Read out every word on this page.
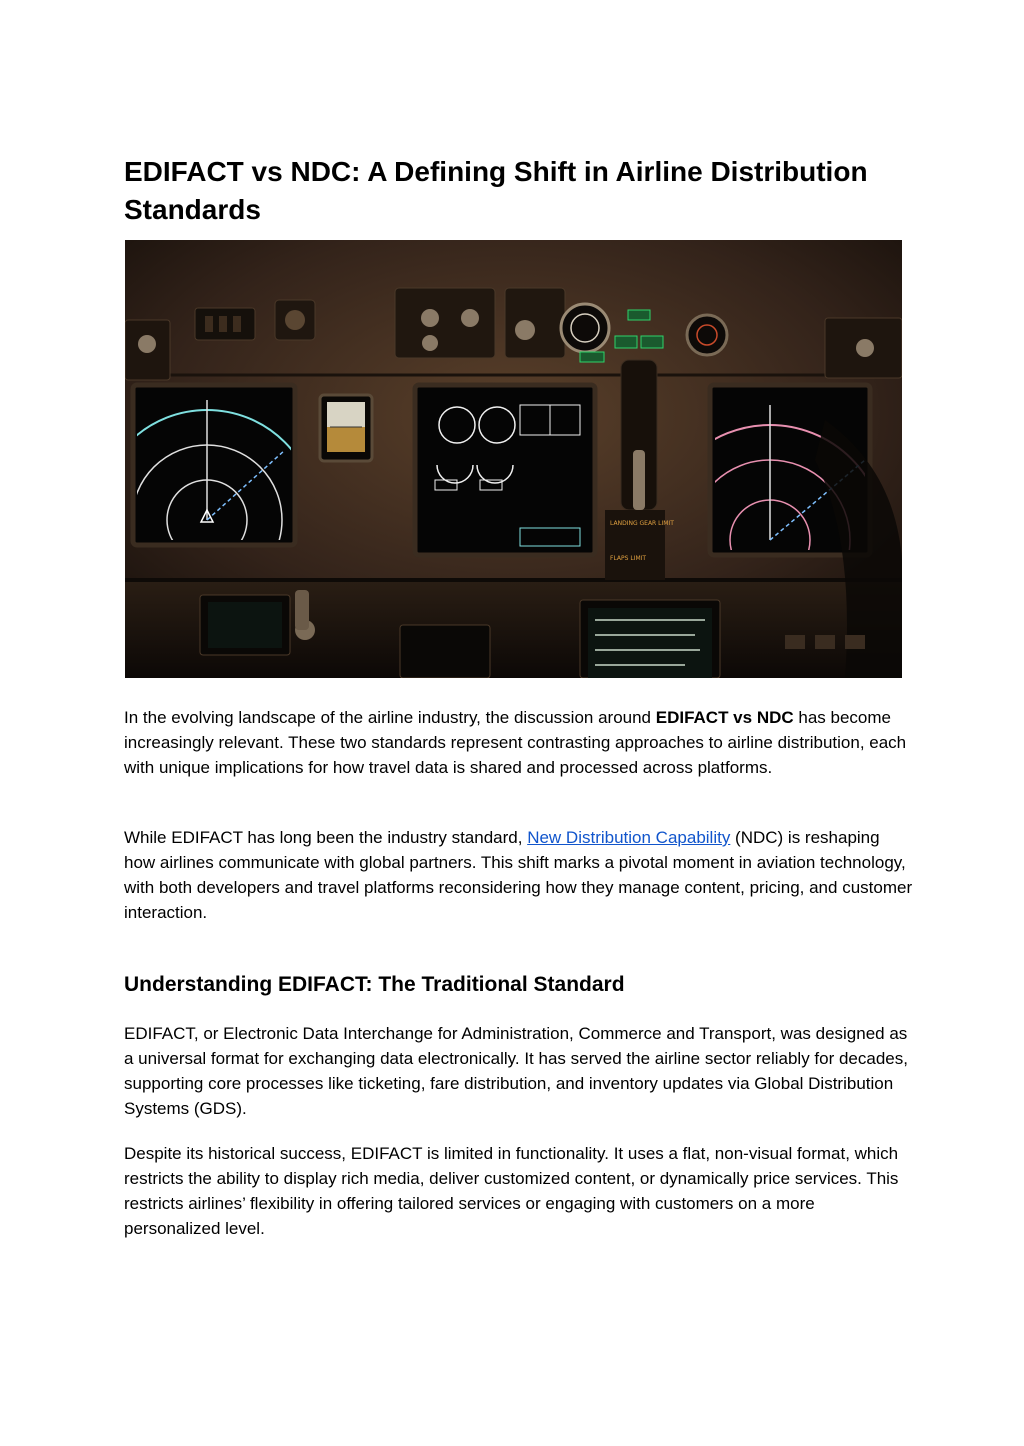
EDIFACT vs NDC: A Defining Shift in Airline Distribution Standards
LANDING GEAR LIMIT
FLAPS LIMIT

In the evolving landscape of the airline industry, the discussion around EDIFACT vs NDC has become increasingly relevant. These two standards represent contrasting approaches to airline distribution, each with unique implications for how travel data is shared and processed across platforms.

While EDIFACT has long been the industry standard, New Distribution Capability (NDC) is reshaping how airlines communicate with global partners. This shift marks a pivotal moment in aviation technology, with both developers and travel platforms reconsidering how they manage content, pricing, and customer interaction.

Understanding EDIFACT: The Traditional Standard

EDIFACT, or Electronic Data Interchange for Administration, Commerce and Transport, was designed as a universal format for exchanging data electronically. It has served the airline sector reliably for decades, supporting core processes like ticketing, fare distribution, and inventory updates via Global Distribution Systems (GDS).

Despite its historical success, EDIFACT is limited in functionality. It uses a flat, non-visual format, which restricts the ability to display rich media, deliver customized content, or dynamically price services. This restricts airlines’ flexibility in offering tailored services or engaging with customers on a more personalized level.
